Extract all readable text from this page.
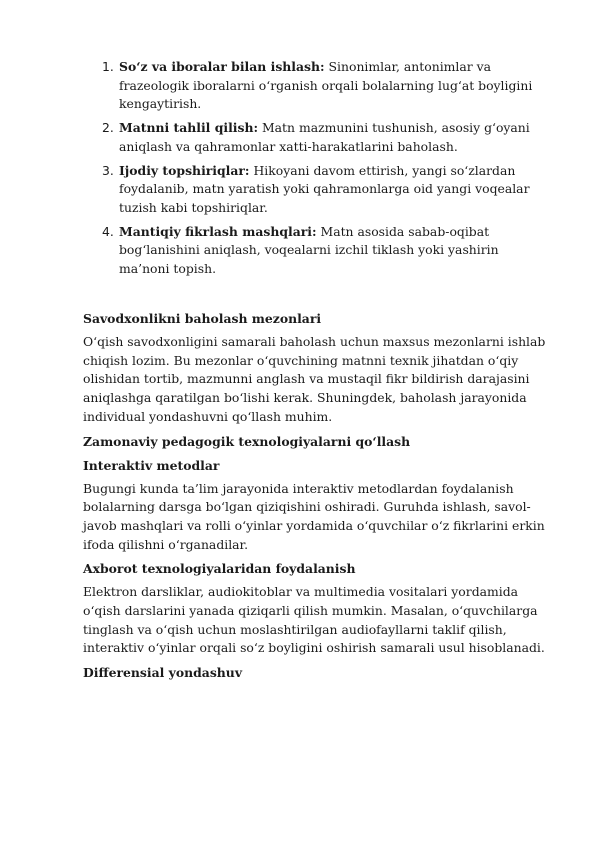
1. So‘z va iboralar bilan ishlash: Sinonimlar, antonimlar va frazeologik iboralarni o‘rganish orqali bolalarning lug‘at boyligini kengaytirish.
2. Matnni tahlil qilish: Matn mazmunini tushunish, asosiy g‘oyani aniqlash va qahramonlar xatti-harakatlarini baholash.
3. Ijodiy topshiriqlar: Hikoyani davom ettirish, yangi so‘zlardan foydalanib, matn yaratish yoki qahramonlarga oid yangi voqealar tuzish kabi topshiriqlar.
4. Mantiqiy fikrlash mashqlari: Matn asosida sabab-oqibat bog‘lanishini aniqlash, voqealarni izchil tiklash yoki yashirin ma’noni topish.
Savodxonlikni baholash mezonlari

O‘qish savodxonligini samarali baholash uchun maxsus mezonlarni ishlab chiqish lozim. Bu mezonlar o‘quvchining matnni texnik jihatdan o‘qiy olishidan tortib, mazmunni anglash va mustaqil fikr bildirish darajasini aniqlashga qaratilgan bo‘lishi kerak. Shuningdek, baholash jarayonida individual yondashuvni qo‘llash muhim.

Zamonaviy pedagogik texnologiyalarni qo‘llash
Interaktiv metodlar

Bugungi kunda ta’lim jarayonida interaktiv metodlardan foydalanish bolalarning darsga bo‘lgan qiziqishini oshiradi. Guruhda ishlash, savol-javob mashqlari va rolli o‘yinlar yordamida o‘quvchilar o‘z fikrlarini erkin ifoda qilishni o‘rganadilar.

Axborot texnologiyalaridan foydalanish

Elektron darsliklar, audiokitoblar va multimedia vositalari yordamida o‘qish darslarini yanada qiziqarli qilish mumkin. Masalan, o‘quvchilarga tinglash va o‘qish uchun moslashtirilgan audiofayllarni taklif qilish, interaktiv o‘yinlar orqali so‘z boyligini oshirish samarali usul hisoblanadi.

Differensial yondashuv
